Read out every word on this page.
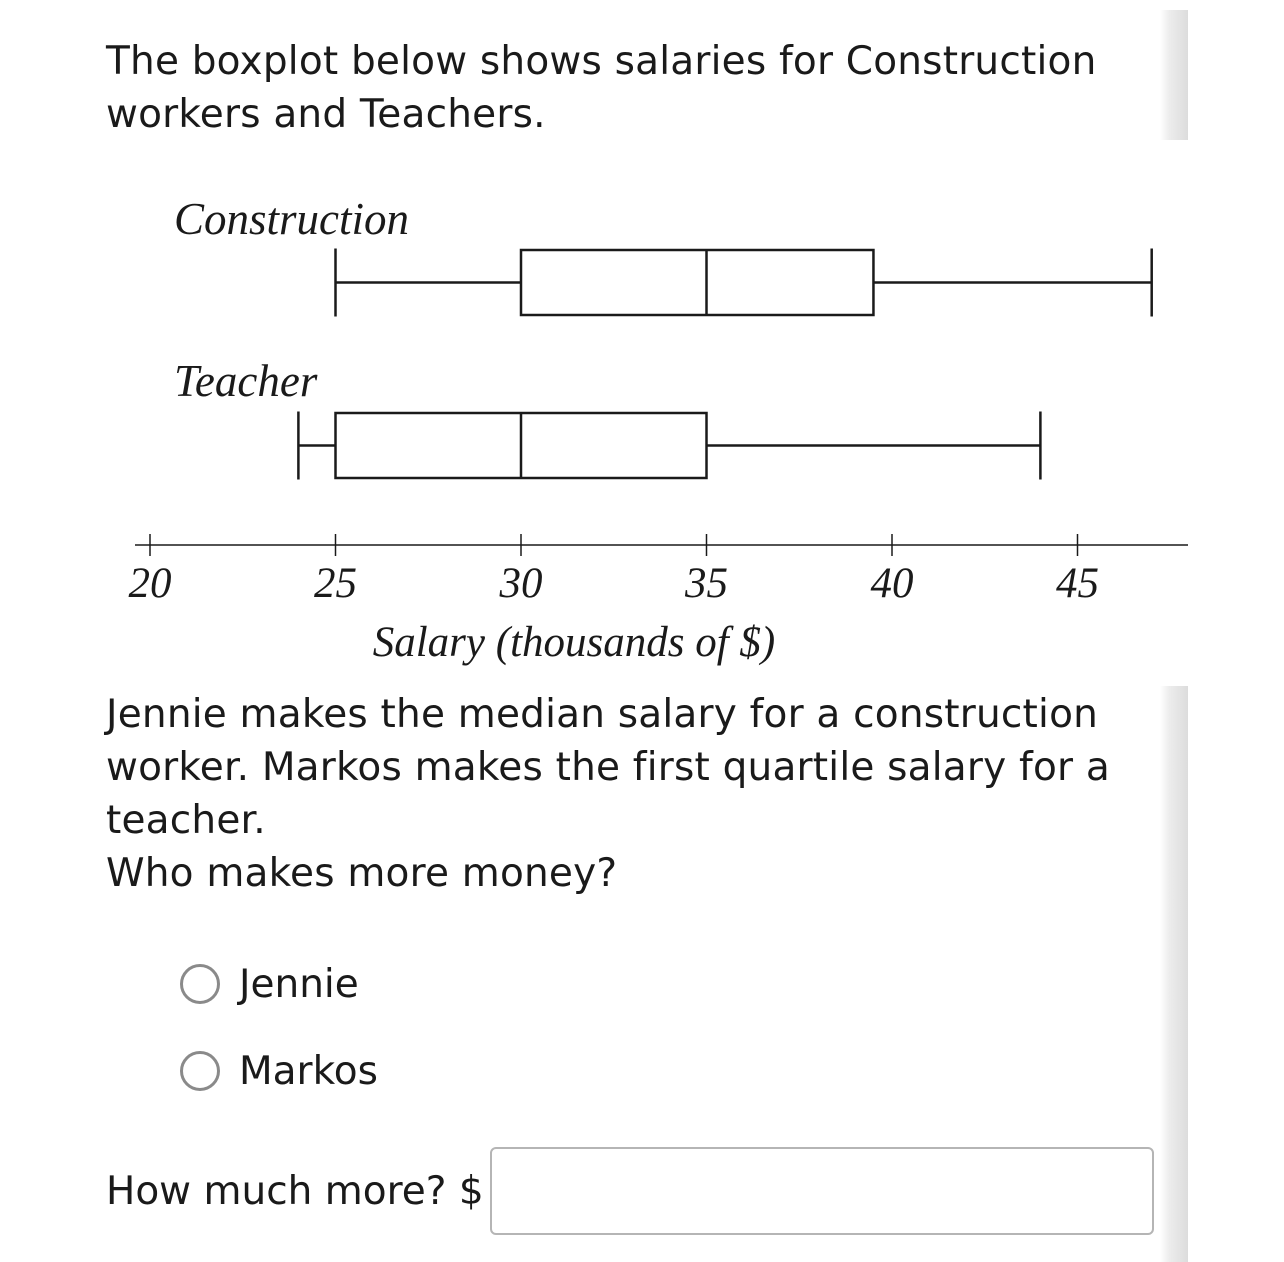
The boxplot below shows salaries for Construction workers and Teachers.

Construction
Teacher
20	25	30	35	40	45
Salary (thousands of $)

Jennie makes the median salary for a construction worker. Markos makes the first quartile salary for a teacher.

Who makes more money?

Jennie
Markos
How much more? $
